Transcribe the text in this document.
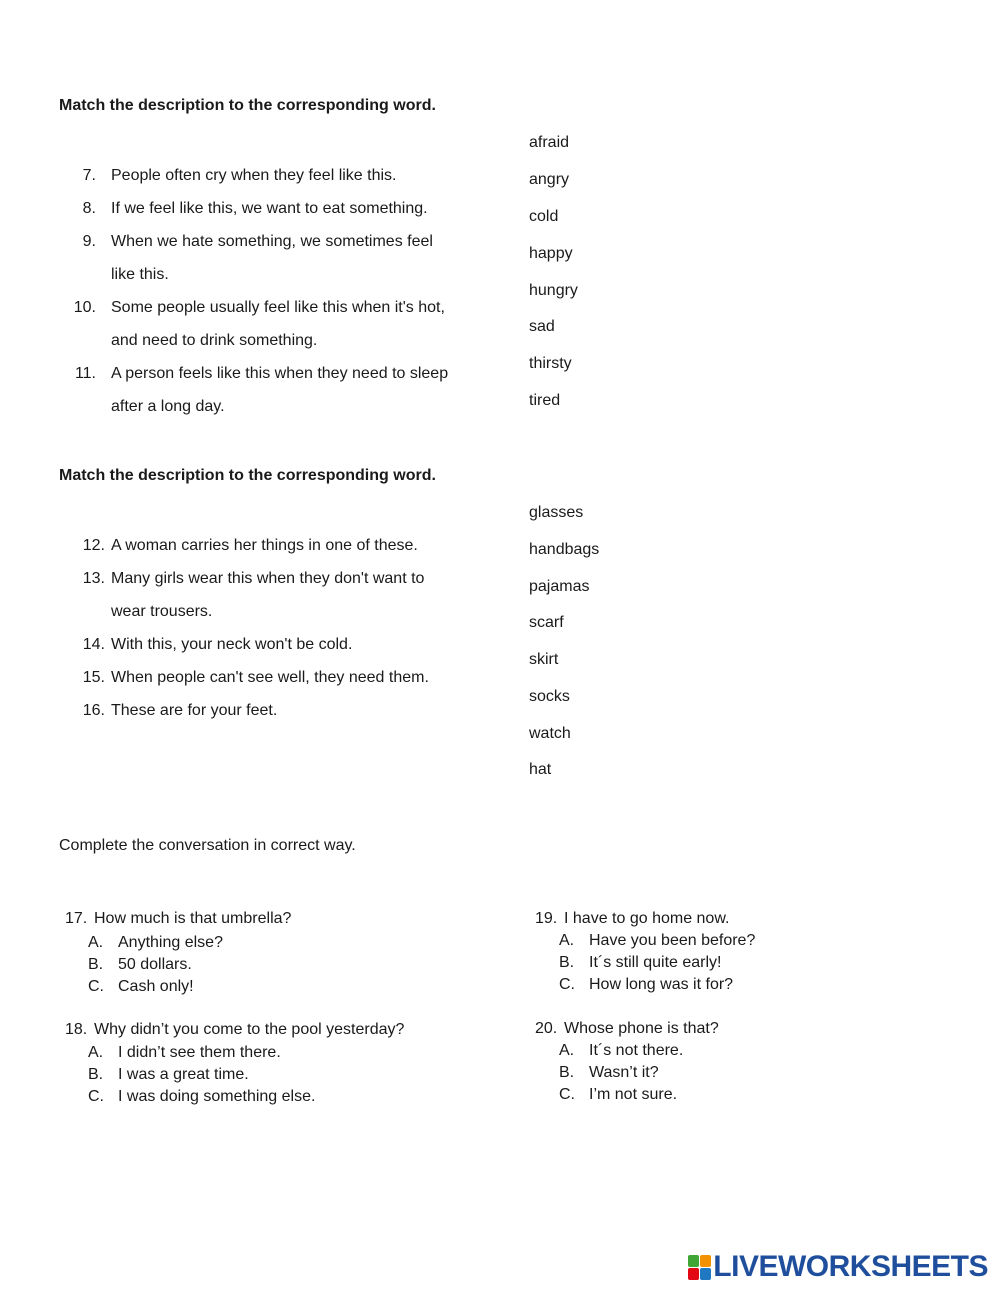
Match the description to the corresponding word.
7. People often cry when they feel like this.
8. If we feel like this, we want to eat something.
9. When we hate something, we sometimes feel
like this.
10. Some people usually feel like this when it's hot,
and need to drink something.
11. A person feels like this when they need to sleep
after a long day.
afraid
angry
cold
happy
hungry
sad
thirsty
tired
Match the description to the corresponding word.
12. A woman carries her things in one of these.
13. Many girls wear this when they don't want to
wear trousers.
14. With this, your neck won't be cold.
15. When people can't see well, they need them.
16. These are for your feet.
glasses
handbags
pajamas
scarf
skirt
socks
watch
hat
Complete the conversation in correct way.
17. How much is that umbrella?
A. Anything else?
B. 50 dollars.
C. Cash only!
18. Why didn’t you come to the pool yesterday?
A. I didn’t see them there.
B. I was a great time.
C. I was doing something else.
19. I have to go home now.
A. Have you been before?
B. It´s still quite early!
C. How long was it for?
20. Whose phone is that?
A. It´s not there.
B. Wasn’t it?
C. I’m not sure.
LIVEWORKSHEETS
